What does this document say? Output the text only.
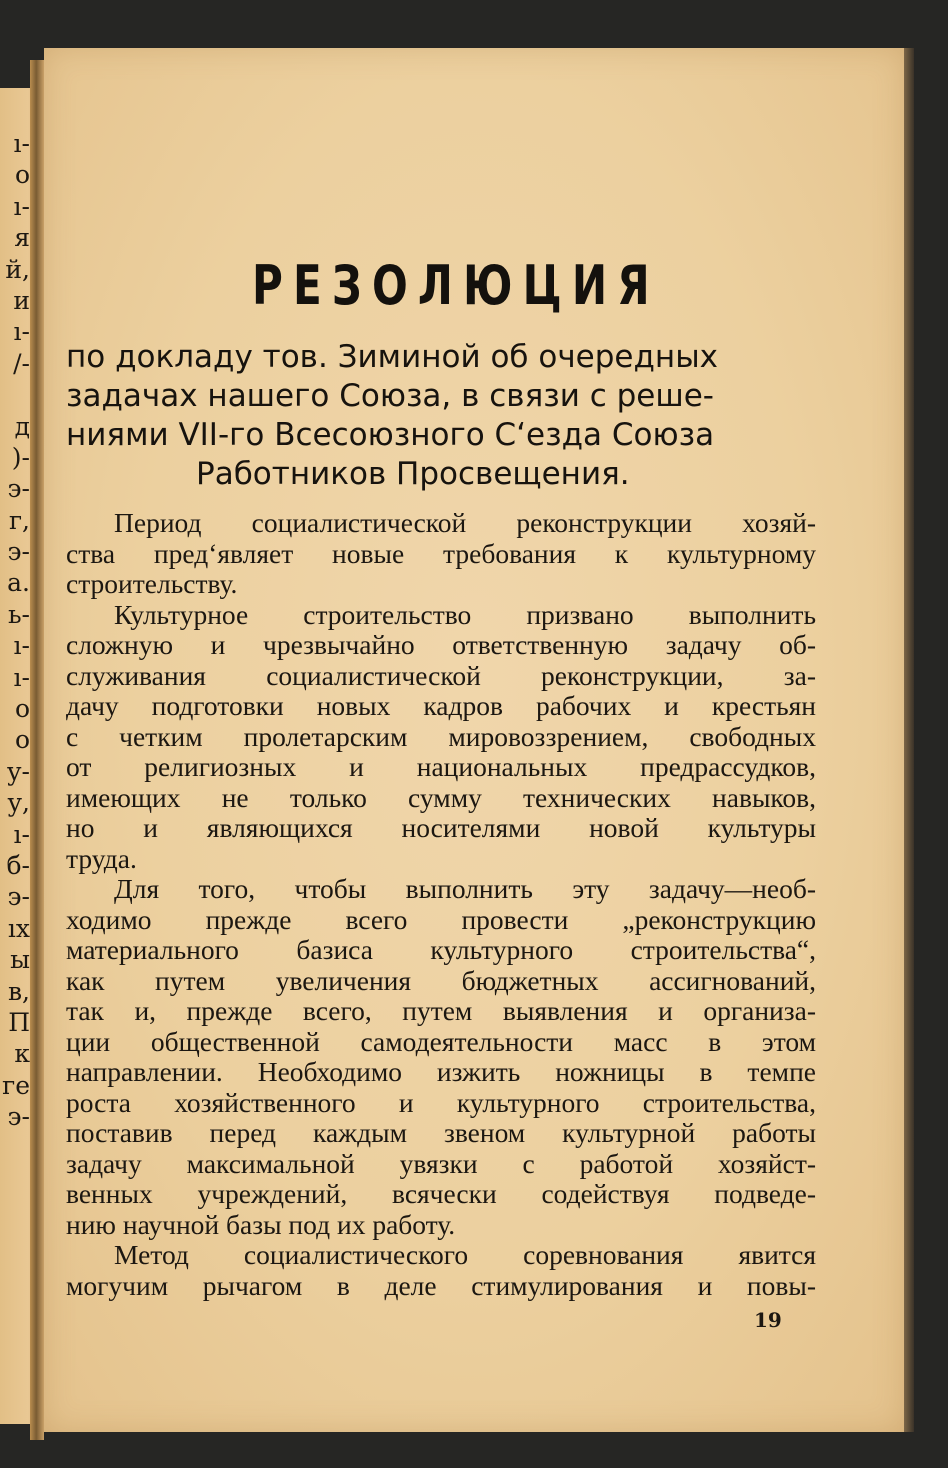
ı-
о
ı-
я
й,
и
ı-
/-
д
)-
э-
г,
э-
а.
ь-
ı-
ı-
о
о
у-
у,
ı-
б-
э-
ıх
ы
в,
П
к
ге
э-
РЕЗОЛЮЦИЯ
по докладу тов. Зиминой об очередных
задачах нашего Союза, в связи с реше-
ниями VII-го Всесоюзного С‘езда Союза
Работников Просвещения.
Период социалистической реконструкции хозяй-
ства пред‘являет новые требования к культурному
строительству.
Культурное строительство призвано выполнить
сложную и чрезвычайно ответственную задачу об-
служивания социалистической реконструкции, за-
дачу подготовки новых кадров рабочих и крестьян
с четким пролетарским мировоззрением, свободных
от религиозных и национальных предрассудков,
имеющих не только сумму технических навыков,
но и являющихся носителями новой культуры
труда.
Для того, чтобы выполнить эту задачу—необ-
ходимо прежде всего провести „реконструкцию
материального базиса культурного строительства“,
как путем увеличения бюджетных ассигнований,
так и, прежде всего, путем выявления и организа-
ции общественной самодеятельности масс в этом
направлении. Необходимо изжить ножницы в темпе
роста хозяйственного и культурного строительства,
поставив перед каждым звеном культурной работы
задачу максимальной увязки с работой хозяйст-
венных учреждений, всячески содействуя подведе-
нию научной базы под их работу.
Метод социалистического соревнования явится
могучим рычагом в деле стимулирования и повы-
19
